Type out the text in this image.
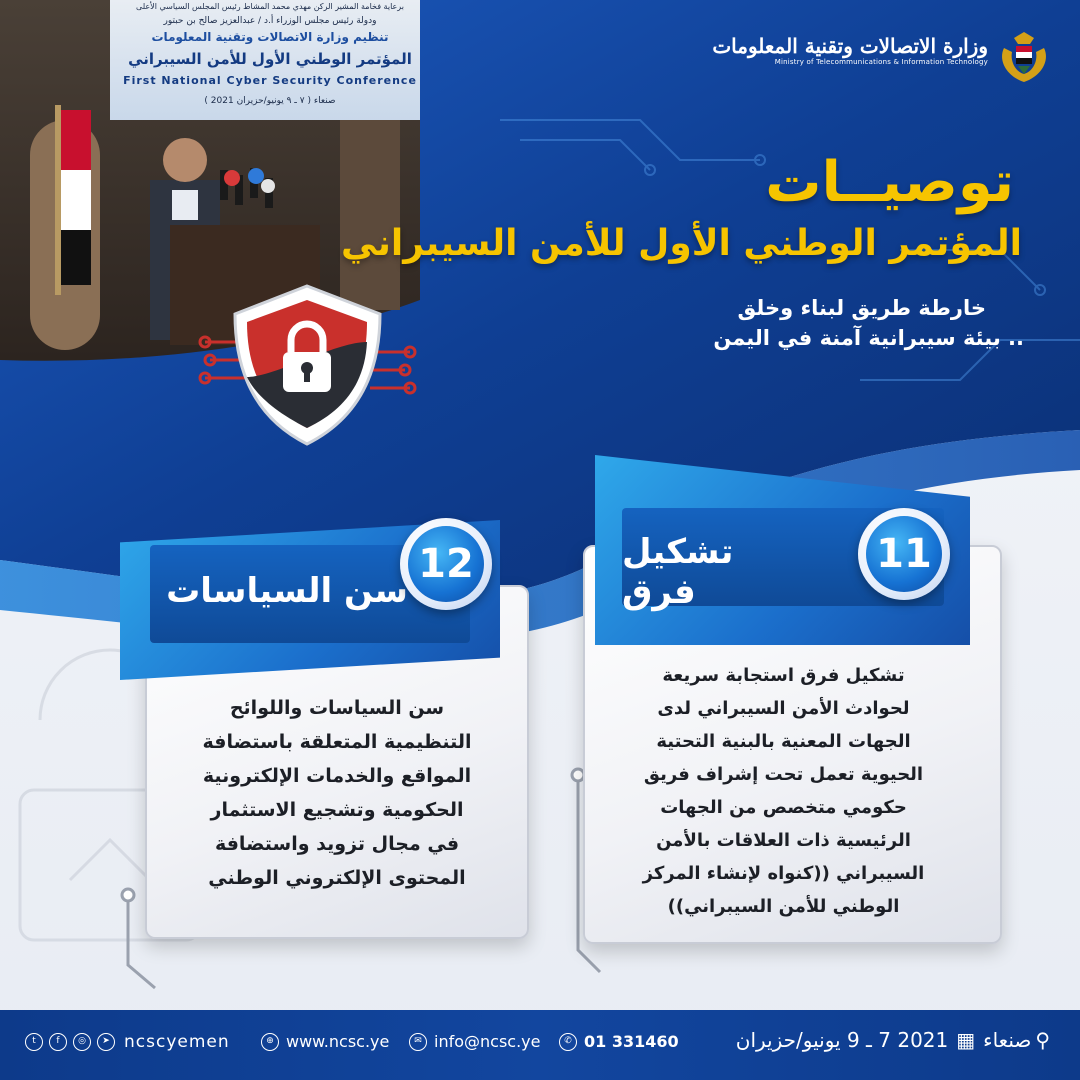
برعاية فخامة المشير الركن مهدي محمد المشاط رئيس المجلس السياسي الأعلى
ودولة رئيس مجلس الوزراء أ.د / عبدالعزيز صالح بن حبتور
تنظيم وزارة الاتصالات وتقنية المعلومات
المؤتمر الوطني الأول للأمن السيبراني
First National Cyber Security Conference
صنعاء ( ٧ ـ ٩ يونيو/حزيران 2021 )
وزارة الاتصالات وتقنية المعلومات
Ministry of Telecommunications & Information Technology
توصيــات
المؤتمر الوطني الأول للأمن السيبراني
خارطة طريق لبناء وخلق
بيئة سيبرانية آمنة في اليمن ..
سن السياسات واللوائح
التنظيمية المتعلقة باستضافة
المواقع والخدمات الإلكترونية
الحكومية وتشجيع الاستثمار
في مجال تزويد واستضافة
المحتوى الإلكتروني الوطني
سن السياسات
12
تشكيل فرق استجابة سريعة
لحوادث الأمن السيبراني لدى
الجهات المعنية بالبنية التحتية
الحيوية تعمل تحت إشراف فريق
حكومي متخصص من الجهات
الرئيسية ذات العلاقات بالأمن
السيبراني ((كنواه لإنشاء المركز
الوطني للأمن السيبراني))
تشكيل فرق
11
t	f	◎	➤ ncscyemen	⊕ www.ncsc.ye	✉ info@ncsc.ye	✆ 01 331460	⚲
صنعاء
▦
2021 7 ـ 9 يونيو/حزيران
